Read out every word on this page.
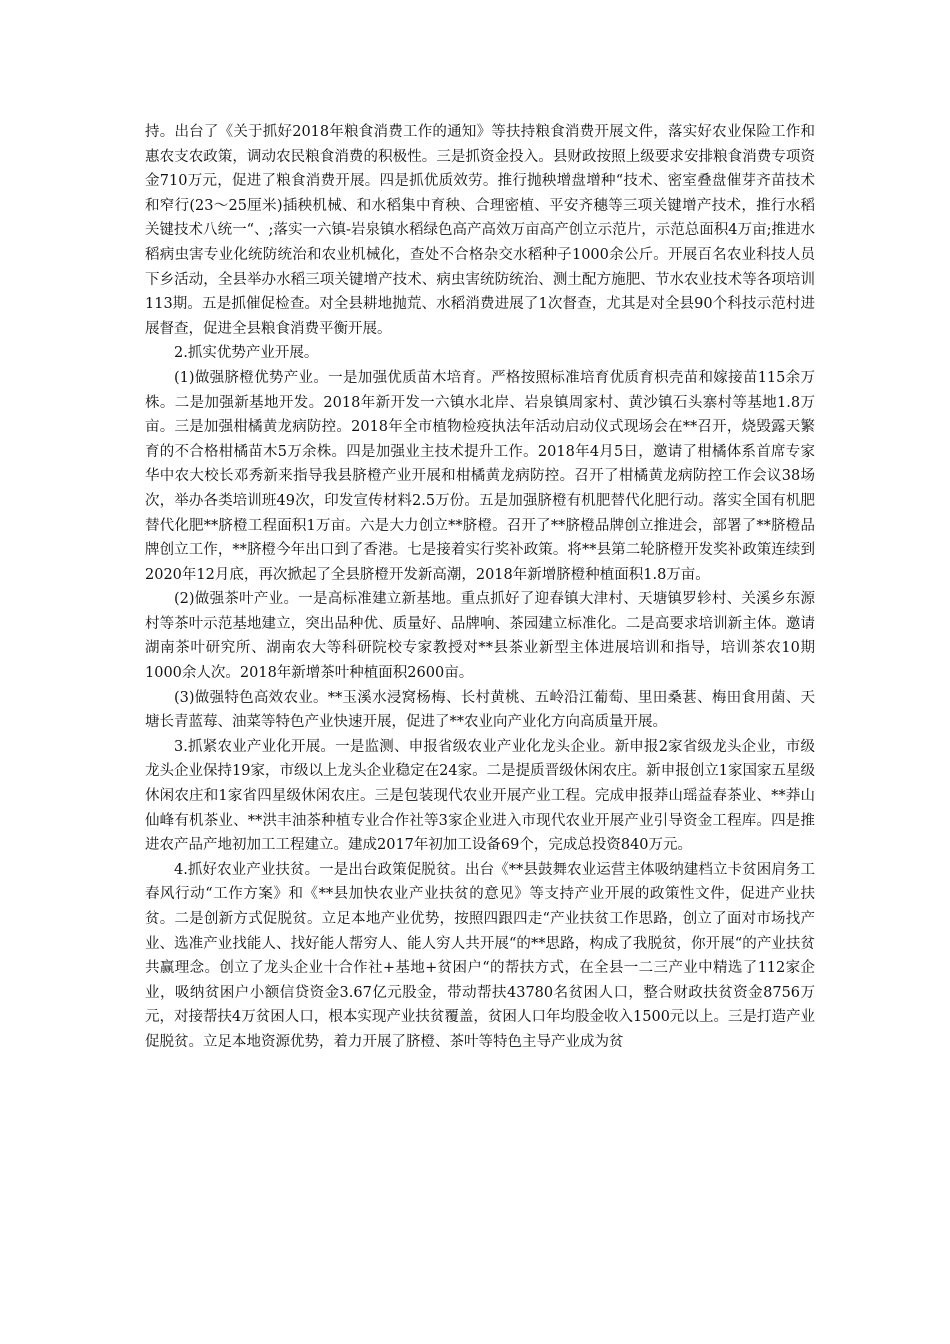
持。出台了《关于抓好2018年粮食消费工作的通知》等扶持粮食消费开展文件，落实好农业保险工作和惠农支农政策，调动农民粮食消费的积极性。三是抓资金投入。县财政按照上级要求安排粮食消费专项资金710万元，促进了粮食消费开展。四是抓优质效劳。推行抛秧增盘增种“技术、密室叠盘催芽齐苗技术和窄行(23～25厘米)插秧机械、和水稻集中育秧、合理密植、平安齐穗等三项关键增产技术，推行水稻关键技术八统一“、;落实一六镇-岩泉镇水稻绿色高产高效万亩高产创立示范片，示范总面积4万亩;推进水稻病虫害专业化统防统治和农业机械化，查处不合格杂交水稻种子1000余公斤。开展百名农业科技人员下乡活动，全县举办水稻三项关键增产技术、病虫害统防统治、测土配方施肥、节水农业技术等各项培训113期。五是抓催促检查。对全县耕地抛荒、水稻消费进展了1次督查，尤其是对全县90个科技示范村进展督查，促进全县粮食消费平衡开展。

2.抓实优势产业开展。

(1)做强脐橙优势产业。一是加强优质苗木培育。严格按照标准培育优质育枳壳苗和嫁接苗115余万株。二是加强新基地开发。2018年新开发一六镇水北岸、岩泉镇周家村、黄沙镇石头寨村等基地1.8万亩。三是加强柑橘黄龙病防控。2018年全市植物检疫执法年活动启动仪式现场会在**召开，烧毁露天繁育的不合格柑橘苗木5万余株。四是加强业主技术提升工作。2018年4月5日，邀请了柑橘体系首席专家华中农大校长邓秀新来指导我县脐橙产业开展和柑橘黄龙病防控。召开了柑橘黄龙病防控工作会议38场次，举办各类培训班49次，印发宣传材料2.5万份。五是加强脐橙有机肥替代化肥行动。落实全国有机肥替代化肥**脐橙工程面积1万亩。六是大力创立**脐橙。召开了**脐橙品牌创立推进会，部署了**脐橙品牌创立工作，**脐橙今年出口到了香港。七是接着实行奖补政策。将**县第二轮脐橙开发奖补政策连续到2020年12月底，再次掀起了全县脐橙开发新高潮，2018年新增脐橙种植面积1.8万亩。

(2)做强茶叶产业。一是高标准建立新基地。重点抓好了迎春镇大津村、天塘镇罗轸村、关溪乡东源村等茶叶示范基地建立，突出品种优、质量好、品牌响、茶园建立标准化。二是高要求培训新主体。邀请湖南茶叶研究所、湖南农大等科研院校专家教授对**县茶业新型主体进展培训和指导，培训茶农10期1000余人次。2018年新增茶叶种植面积2600亩。

(3)做强特色高效农业。**玉溪水浸窝杨梅、长村黄桃、五岭沿江葡萄、里田桑葚、梅田食用菌、天塘长青蓝莓、油菜等特色产业快速开展，促进了**农业向产业化方向高质量开展。

3.抓紧农业产业化开展。一是监测、申报省级农业产业化龙头企业。新申报2家省级龙头企业，市级龙头企业保持19家，市级以上龙头企业稳定在24家。二是提质晋级休闲农庄。新申报创立1家国家五星级休闲农庄和1家省四星级休闲农庄。三是包装现代农业开展产业工程。完成申报莽山瑶益春茶业、**莽山仙峰有机茶业、**洪丰油茶种植专业合作社等3家企业进入市现代农业开展产业引导资金工程库。四是推进农产品产地初加工工程建立。建成2017年初加工设备69个，完成总投资840万元。

4.抓好农业产业扶贫。一是出台政策促脱贫。出台《**县鼓舞农业运营主体吸纳建档立卡贫困肩务工春风行动“工作方案》和《**县加快农业产业扶贫的意见》等支持产业开展的政策性文件，促进产业扶贫。二是创新方式促脱贫。立足本地产业优势，按照四跟四走“产业扶贫工作思路，创立了面对市场找产业、选准产业找能人、找好能人帮穷人、能人穷人共开展“的**思路，构成了我脱贫，你开展“的产业扶贫共赢理念。创立了龙头企业十合作社+基地+贫困户“的帮扶方式，在全县一二三产业中精选了112家企业，吸纳贫困户小额信贷资金3.67亿元股金，带动帮扶43780名贫困人口，整合财政扶贫资金8756万元，对接帮扶4万贫困人口，根本实现产业扶贫覆盖，贫困人口年均股金收入1500元以上。三是打造产业促脱贫。立足本地资源优势，着力开展了脐橙、茶叶等特色主导产业成为贫
